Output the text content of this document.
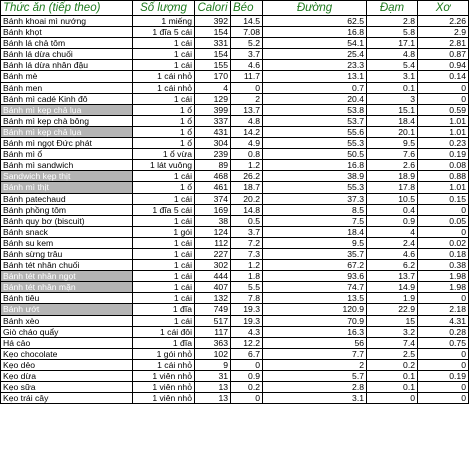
Thức ăn (tiếp theo)	Số lượng	Calori	Béo	Đường	Đạm	Xơ
Bánh khoai mì nướng	1 miếng	392	14.5	62.5	2.8	2.26
Bánh khọt	1 đĩa 5 cái	154	7.08	16.8	5.8	2.9
Bánh lá chả tôm	1 cái	331	5.2	54.1	17.1	2.81
Bánh lá dừa chuối	1 cái	154	3.7	25.4	4.8	0.87
Bánh lá dừa nhân đậu	1 cái	155	4.6	23.3	5.4	0.94
Bánh mè	1 cái nhỏ	170	11.7	13.1	3.1	0.14
Bánh men	1 cái nhỏ	4	0	0.7	0.1	0
Bánh mì cadé Kinh đô	1 cái	129	2	20.4	3	0
Bánh mì kẹp chả lụa	1 ổ	399	13.7	53.8	15.1	0.59
Bánh mì kẹp chà bông	1 ổ	337	4.8	53.7	18.4	1.01
Bánh mì kẹp chả lụa	1 ổ	431	14.2	55.6	20.1	1.01
Bánh mì ngọt Đức phát	1 ổ	304	4.9	55.3	9.5	0.23
Bánh mì ổ	1 ổ vừa	239	0.8	50.5	7.6	0.19
Bánh mì sandwich	1 lát vuông	89	1.2	16.8	2.6	0.08
Sandwich kẹp thịt	1 cái	468	26.2	38.9	18.9	0.88
Bánh mì thịt	1 ổ	461	18.7	55.3	17.8	1.01
Bánh patechaud	1 cái	374	20.2	37.3	10.5	0.15
Bánh phồng tôm	1 đĩa 5 cái	169	14.8	8.5	0.4	0
Bánh quy bơ (biscuit)	1 cái	38	0.5	7.5	0.9	0.05
Bánh snack	1 gói	124	3.7	18.4	4	0
Bánh su kem	1 cái	112	7.2	9.5	2.4	0.02
Bánh sừng trâu	1 cái	227	7.3	35.7	4.6	0.18
Bánh tét nhân chuối	1 cái	302	1.2	67.2	6.2	0.38
Bánh tét nhân ngọt	1 cái	444	1.8	93.6	13.7	1.98
Bánh tét nhân mặn	1 cái	407	5.5	74.7	14.9	1.98
Bánh tiêu	1 cái	132	7.8	13.5	1.9	0
Bánh ướt	1 đĩa	749	19.3	120.9	22.9	2.18
Bánh xèo	1 cái	517	19.3	70.9	15	4.31
Giò cháo quẩy	1 cái đôi	117	4.3	16.3	3.2	0.28
Há cảo	1 đĩa	363	12.2	56	7.4	0.75
Kẹo chocolate	1 gói nhỏ	102	6.7	7.7	2.5	0
Kẹo dẻo	1 cái nhỏ	9	0	2	0.2	0
Kẹo dừa	1 viên nhỏ	31	0.9	5.7	0.1	0.19
Kẹo sữa	1 viên nhỏ	13	0.2	2.8	0.1	0
Kẹo trái cây	1 viên nhỏ	13	0	3.1	0	0
